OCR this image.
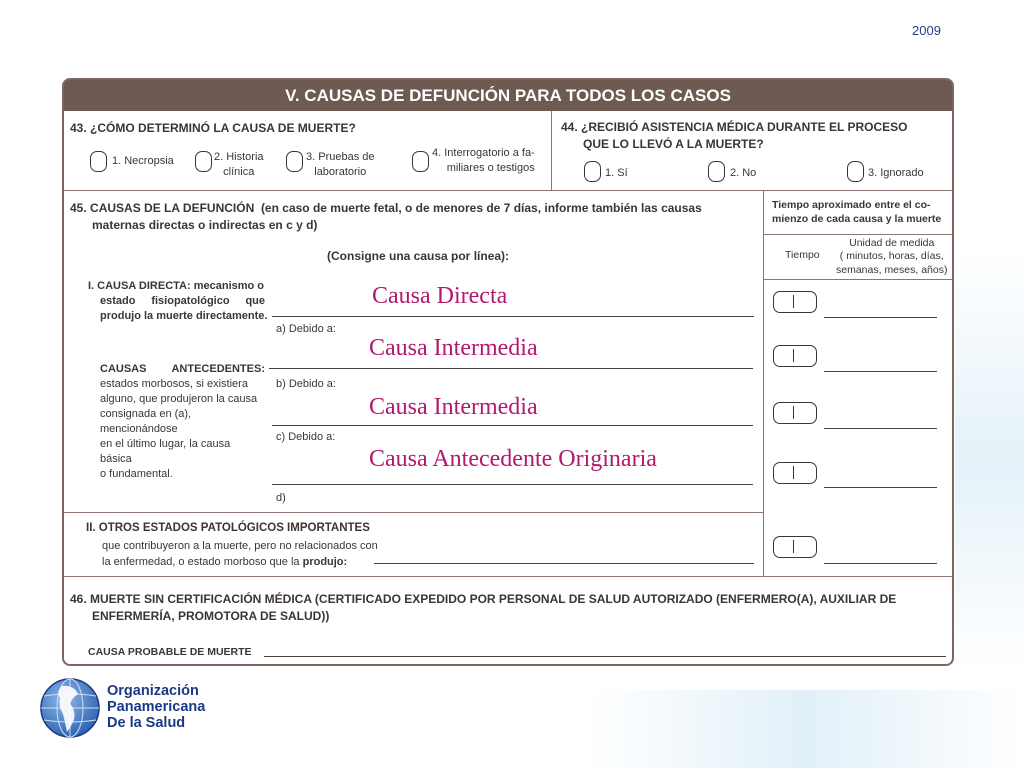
2009
V. CAUSAS DE DEFUNCIÓN PARA TODOS LOS CASOS
43. ¿CÓMO DETERMINÓ LA CAUSA DE MUERTE?
1. Necropsia	2. Historia
clínica
3. Pruebas de
laboratorio
4. Interrogatorio a fa-
miliares o testigos
44. ¿RECIBIÓ ASISTENCIA MÉDICA DURANTE EL PROCESO
QUE LO LLEVÓ A LA MUERTE?
1. Sí	2. No	3. Ignorado
45. CAUSAS DE LA DEFUNCIÓN (en caso de muerte fetal, o de menores de 7 días, informe también las causas
maternas directas o indirectas en c y d)
(Consigne una causa por línea):
I. CAUSA DIRECTA: mecanismo o
estado fisiopatológico que
produjo la muerte directamente.
CAUSAS ANTECEDENTES:
estados morbosos, si existiera
alguno, que produjeron la causa
consignada en (a), mencionándose
en el último lugar, la causa básica
o fundamental.
Causa Directa
a) Debido a:
Causa Intermedia
b) Debido a:
Causa Intermedia
c) Debido a:
Causa Antecedente Originaria
d)
Tiempo aproximado entre el co-
mienzo de cada causa y la muerte
Tiempo
Unidad de medida
( minutos, horas, días,
semanas, meses, años)
II. OTROS ESTADOS PATOLÓGICOS IMPORTANTES
que contribuyeron a la muerte, pero no relacionados con
la enfermedad, o estado morboso que la produjo:
46. MUERTE SIN CERTIFICACIÓN MÉDICA (CERTIFICADO EXPEDIDO POR PERSONAL DE SALUD AUTORIZADO (ENFERMERO(A), AUXILIAR DE
ENFERMERÍA, PROMOTORA DE SALUD))
CAUSA PROBABLE DE MUERTE
Organización
Panamericana
De la Salud
